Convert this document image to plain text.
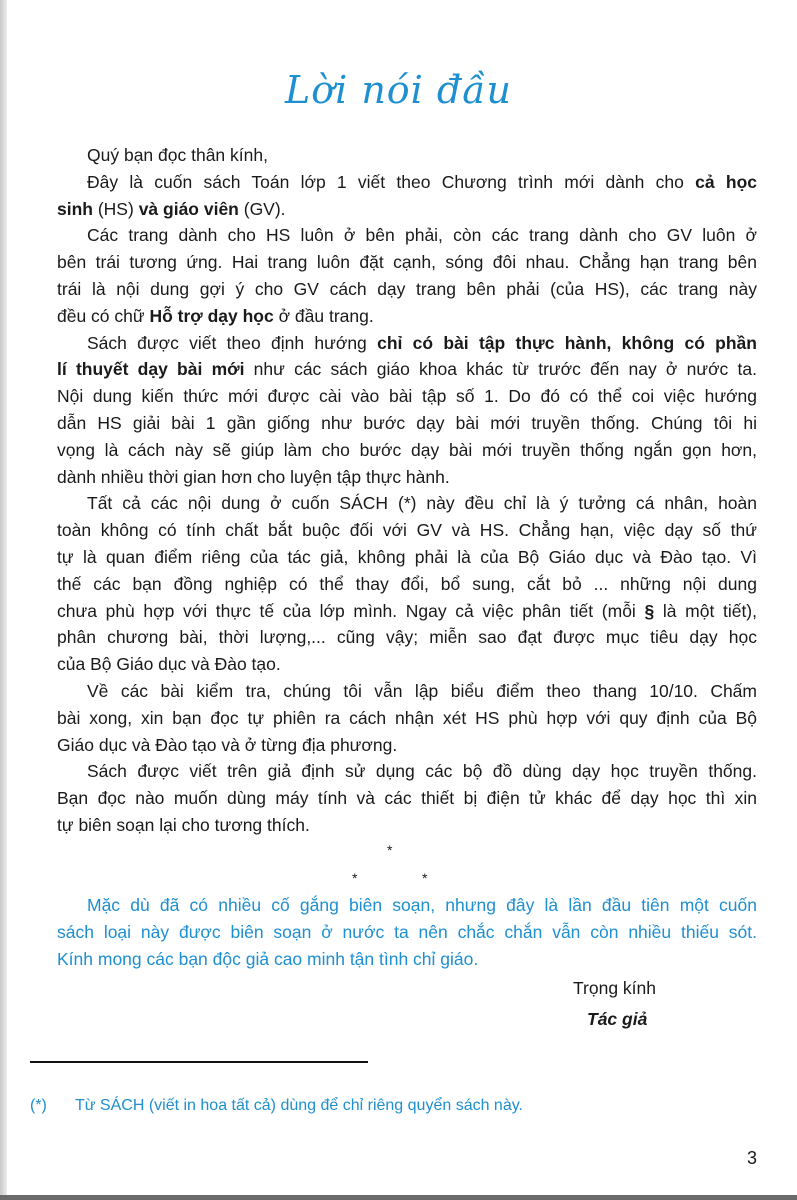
Lời nói đầu
Quý bạn đọc thân kính,
Đây là cuốn sách Toán lớp 1 viết theo Chương trình mới dành cho cả học
sinh (HS) và giáo viên (GV).
Các trang dành cho HS luôn ở bên phải, còn các trang dành cho GV luôn ở
bên trái tương ứng. Hai trang luôn đặt cạnh, sóng đôi nhau. Chẳng hạn trang bên
trái là nội dung gợi ý cho GV cách dạy trang bên phải (của HS), các trang này
đều có chữ Hỗ trợ dạy học ở đầu trang.
Sách được viết theo định hướng chỉ có bài tập thực hành, không có phần
lí thuyết dạy bài mới như các sách giáo khoa khác từ trước đến nay ở nước ta.
Nội dung kiến thức mới được cài vào bài tập số 1. Do đó có thể coi việc hướng
dẫn HS giải bài 1 gần giống như bước dạy bài mới truyền thống. Chúng tôi hi
vọng là cách này sẽ giúp làm cho bước dạy bài mới truyền thống ngắn gọn hơn,
dành nhiều thời gian hơn cho luyện tập thực hành.
Tất cả các nội dung ở cuốn SÁCH (*) này đều chỉ là ý tưởng cá nhân, hoàn
toàn không có tính chất bắt buộc đối với GV và HS. Chẳng hạn, việc dạy số thứ
tự là quan điểm riêng của tác giả, không phải là của Bộ Giáo dục và Đào tạo. Vì
thế các bạn đồng nghiệp có thể thay đổi, bổ sung, cắt bỏ ... những nội dung
chưa phù hợp với thực tế của lớp mình. Ngay cả việc phân tiết (mỗi § là một tiết),
phân chương bài, thời lượng,... cũng vậy; miễn sao đạt được mục tiêu dạy học
của Bộ Giáo dục và Đào tạo.
Về các bài kiểm tra, chúng tôi vẫn lập biểu điểm theo thang 10/10. Chấm
bài xong, xin bạn đọc tự phiên ra cách nhận xét HS phù hợp với quy định của Bộ
Giáo dục và Đào tạo và ở từng địa phương.
Sách được viết trên giả định sử dụng các bộ đồ dùng dạy học truyền thống.
Bạn đọc nào muốn dùng máy tính và các thiết bị điện tử khác để dạy học thì xin
tự biên soạn lại cho tương thích.
*
*	*
Mặc dù đã có nhiều cố gắng biên soạn, nhưng đây là lần đầu tiên một cuốn
sách loại này được biên soạn ở nước ta nên chắc chắn vẫn còn nhiều thiếu sót.
Kính mong các bạn độc giả cao minh tận tình chỉ giáo.
Trọng kính
Tác giả
(*) Từ SÁCH (viết in hoa tất cả) dùng để chỉ riêng quyển sách này.
3
